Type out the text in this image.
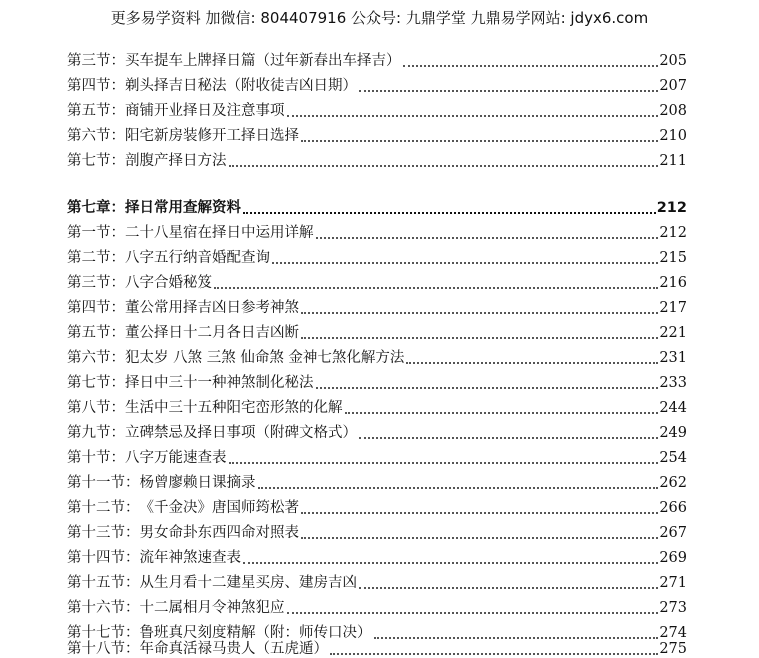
更多易学资料 加微信: 804407916 公众号: 九鼎学堂 九鼎易学网站: jdyx6.com
第三节： 买车提车上牌择日篇（过年新春出车择吉）	205
第四节： 剃头择吉日秘法（附收徒吉凶日期）	207
第五节： 商铺开业择日及注意事项	208
第六节： 阳宅新房装修开工择日选择	210
第七节： 剖腹产择日方法	211
第七章： 择日常用查解资料	212
第一节： 二十八星宿在择日中运用详解	212
第二节： 八字五行纳音婚配查询	215
第三节： 八字合婚秘笈	216
第四节： 董公常用择吉凶日参考神煞	217
第五节： 董公择日十二月各日吉凶断	221
第六节： 犯太岁 八煞 三煞 仙命煞 金神七煞化解方法	231
第七节： 择日中三十一种神煞制化秘法	233
第八节： 生活中三十五种阳宅峦形煞的化解	244
第九节： 立碑禁忌及择日事项（附碑文格式）	249
第十节： 八字万能速查表	254
第十一节： 杨曾廖赖日课摘录	262
第十二节： 《千金决》唐国师筠松著	266
第十三节： 男女命卦东西四命对照表	267
第十四节： 流年神煞速查表	269
第十五节： 从生月看十二建星买房、建房吉凶	271
第十六节： 十二属相月令神煞犯应	273
第十七节： 鲁班真尺刻度精解（附：师传口决）	274
第十八节： 年命真活禄马贵人（五虎遁）	275
